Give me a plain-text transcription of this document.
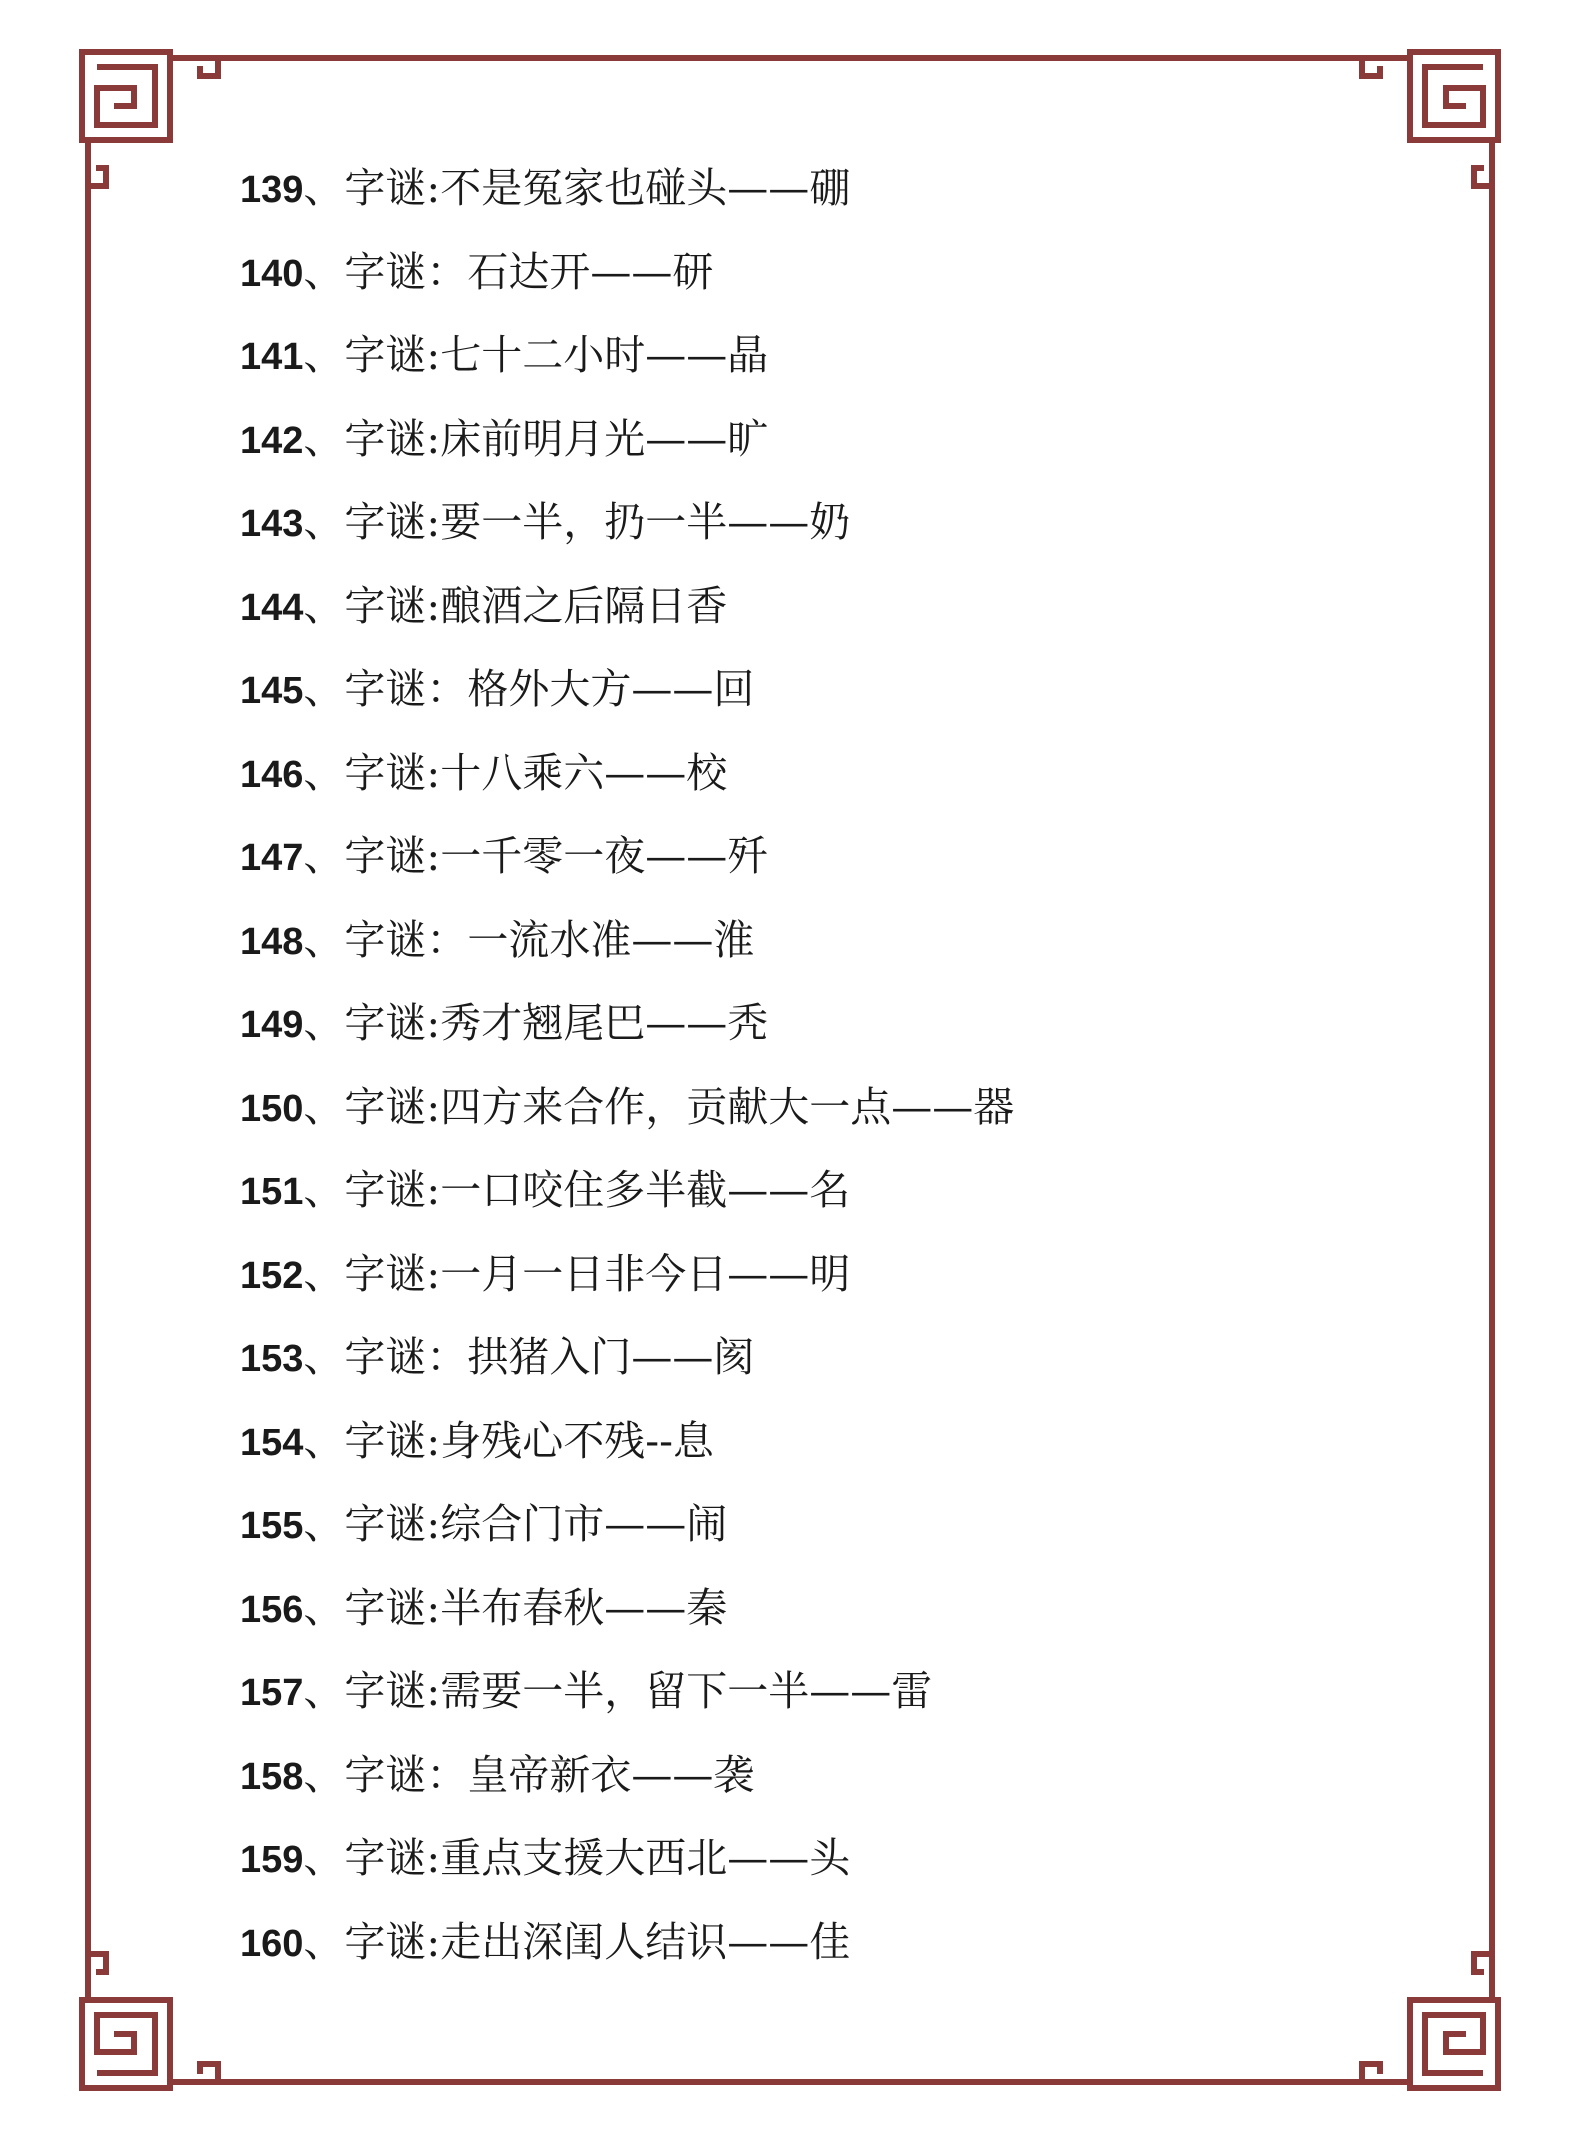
139、字谜:不是冤家也碰头——硼
140、字谜：石达开——研
141、字谜:七十二小时——晶
142、字谜:床前明月光——旷
143、字谜:要一半，扔一半——奶
144、字谜:酿酒之后隔日香
145、字谜：格外大方——回
146、字谜:十八乘六——校
147、字谜:一千零一夜——歼
148、字谜：一流水准——淮
149、字谜:秀才翘尾巴——秃
150、字谜:四方来合作，贡献大一点——器
151、字谜:一口咬住多半截——名
152、字谜:一月一日非今日——明
153、字谜：拱猪入门——阂
154、字谜:身残心不残--息
155、字谜:综合门市——闹
156、字谜:半布春秋——秦
157、字谜:需要一半，留下一半——雷
158、字谜：皇帝新衣——袭
159、字谜:重点支援大西北——头
160、字谜:走出深闺人结识——佳
